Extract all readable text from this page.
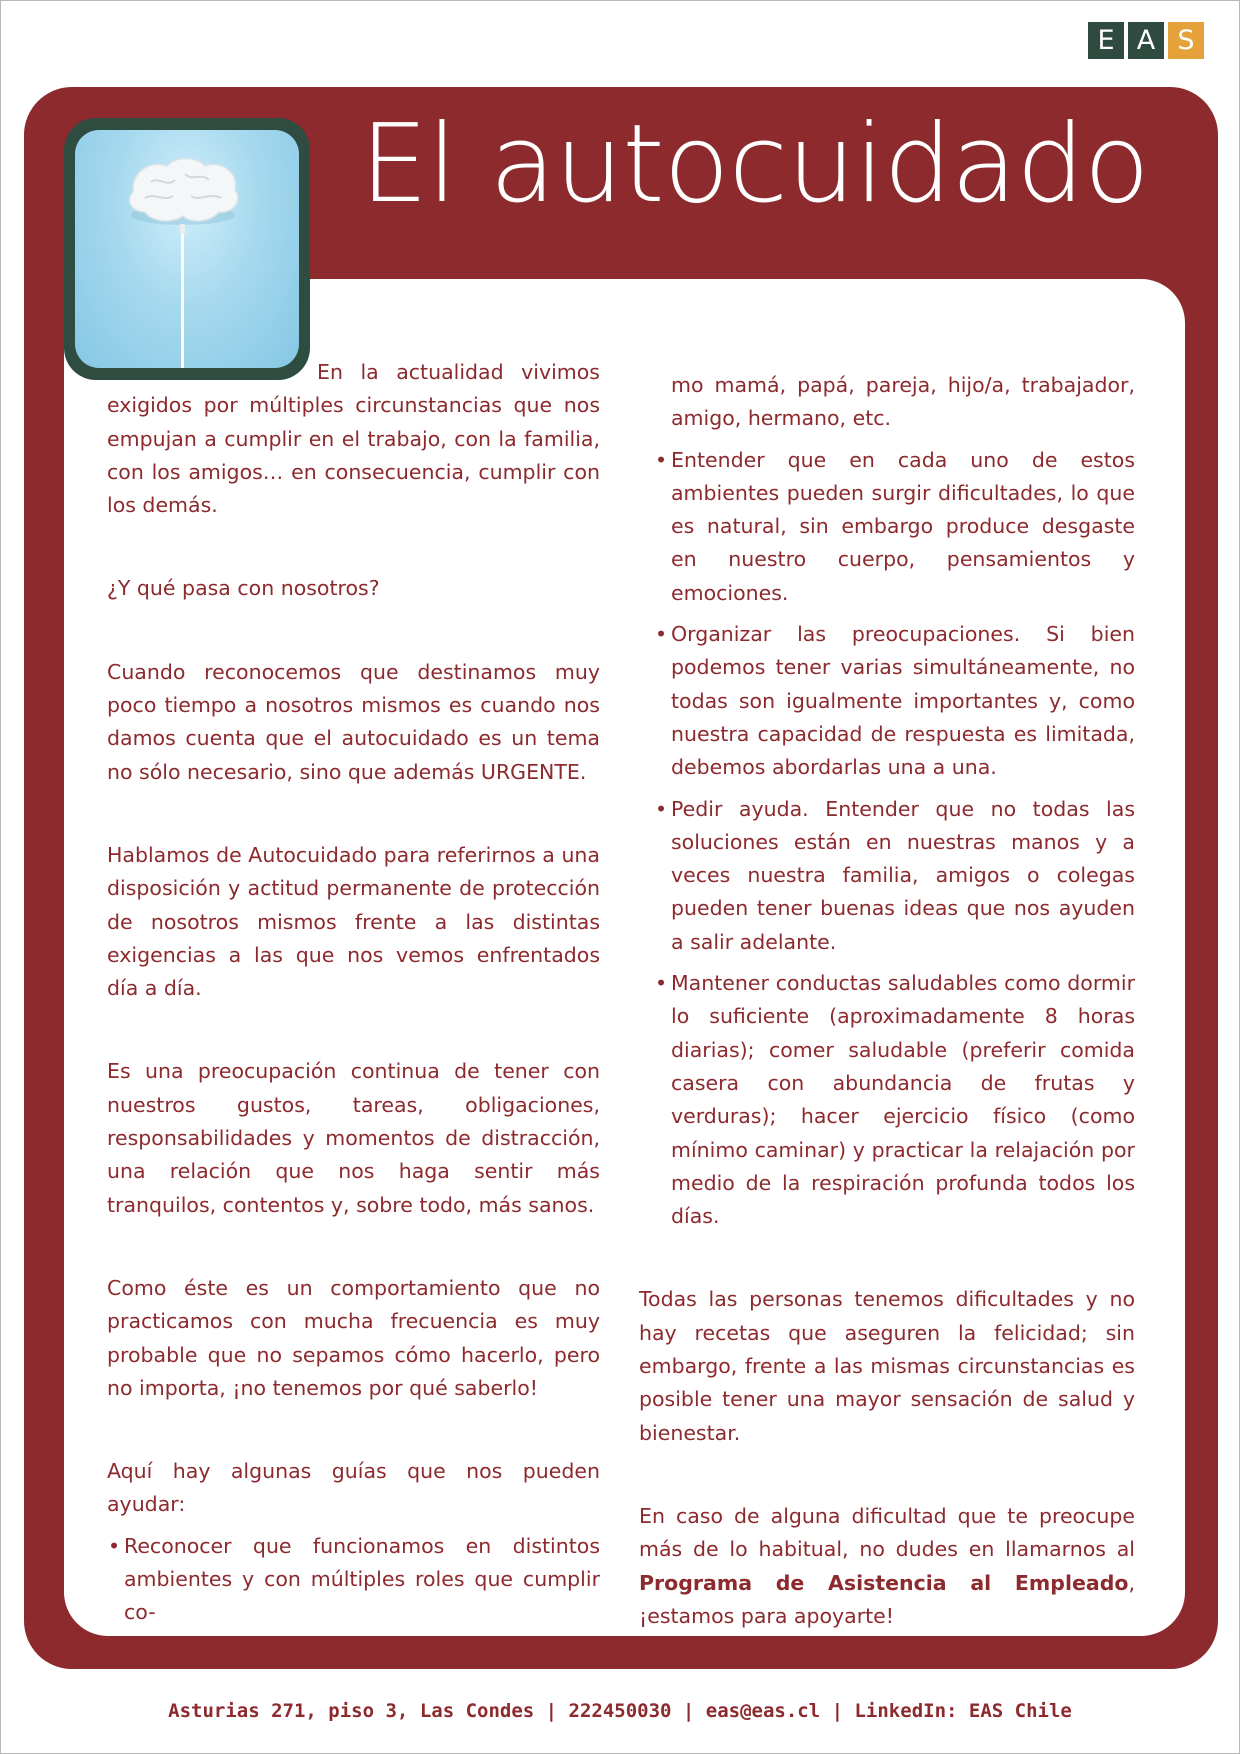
E A S
El autocuidado

En la actualidad vivimos exigidos por múltiples circunstancias que nos empujan a cumplir en el trabajo, con la familia, con los amigos… en consecuencia, cumplir con los demás.

¿Y qué pasa con nosotros?

Cuando reconocemos que destinamos muy poco tiempo a nosotros mismos es cuando nos damos cuenta que el autocuidado es un tema no sólo necesario, sino que además URGENTE.

Hablamos de Autocuidado para referirnos a una disposición y actitud permanente de protección de nosotros mismos frente a las distintas exigencias a las que nos vemos enfrentados día a día.

Es una preocupación continua de tener con nuestros gustos, tareas, obligaciones, responsabilidades y momentos de distracción, una relación que nos haga sentir más tranquilos, contentos y, sobre todo, más sanos.

Como éste es un comportamiento que no practicamos con mucha frecuencia es muy probable que no sepamos cómo hacerlo, pero no importa, ¡no tenemos por qué saberlo!

Aquí hay algunas guías que nos pueden ayudar:

• Reconocer que funcionamos en distintos ambientes y con múltiples roles que cumplir co-

mo mamá, papá, pareja, hijo/a, trabajador, amigo, hermano, etc.

• Entender que en cada uno de estos ambientes pueden surgir dificultades, lo que es natural, sin embargo produce desgaste en nuestro cuerpo, pensamientos y emociones.
• Organizar las preocupaciones. Si bien podemos tener varias simultáneamente, no todas son igualmente importantes y, como nuestra capacidad de respuesta es limitada, debemos abordarlas una a una.
• Pedir ayuda. Entender que no todas las soluciones están en nuestras manos y a veces nuestra familia, amigos o colegas pueden tener buenas ideas que nos ayuden a salir adelante.
• Mantener conductas saludables como dormir lo suficiente (aproximadamente 8 horas diarias); comer saludable (preferir comida casera con abundancia de frutas y verduras); hacer ejercicio físico (como mínimo caminar) y practicar la relajación por medio de la respiración profunda todos los días.

Todas las personas tenemos dificultades y no hay recetas que aseguren la felicidad; sin embargo, frente a las mismas circunstancias es posible tener una mayor sensación de salud y bienestar.

En caso de alguna dificultad que te preocupe más de lo habitual, no dudes en llamarnos al Programa de Asistencia al Empleado, ¡estamos para apoyarte!

Asturias 271, piso 3, Las Condes | 222450030 | eas@eas.cl | LinkedIn: EAS Chile
